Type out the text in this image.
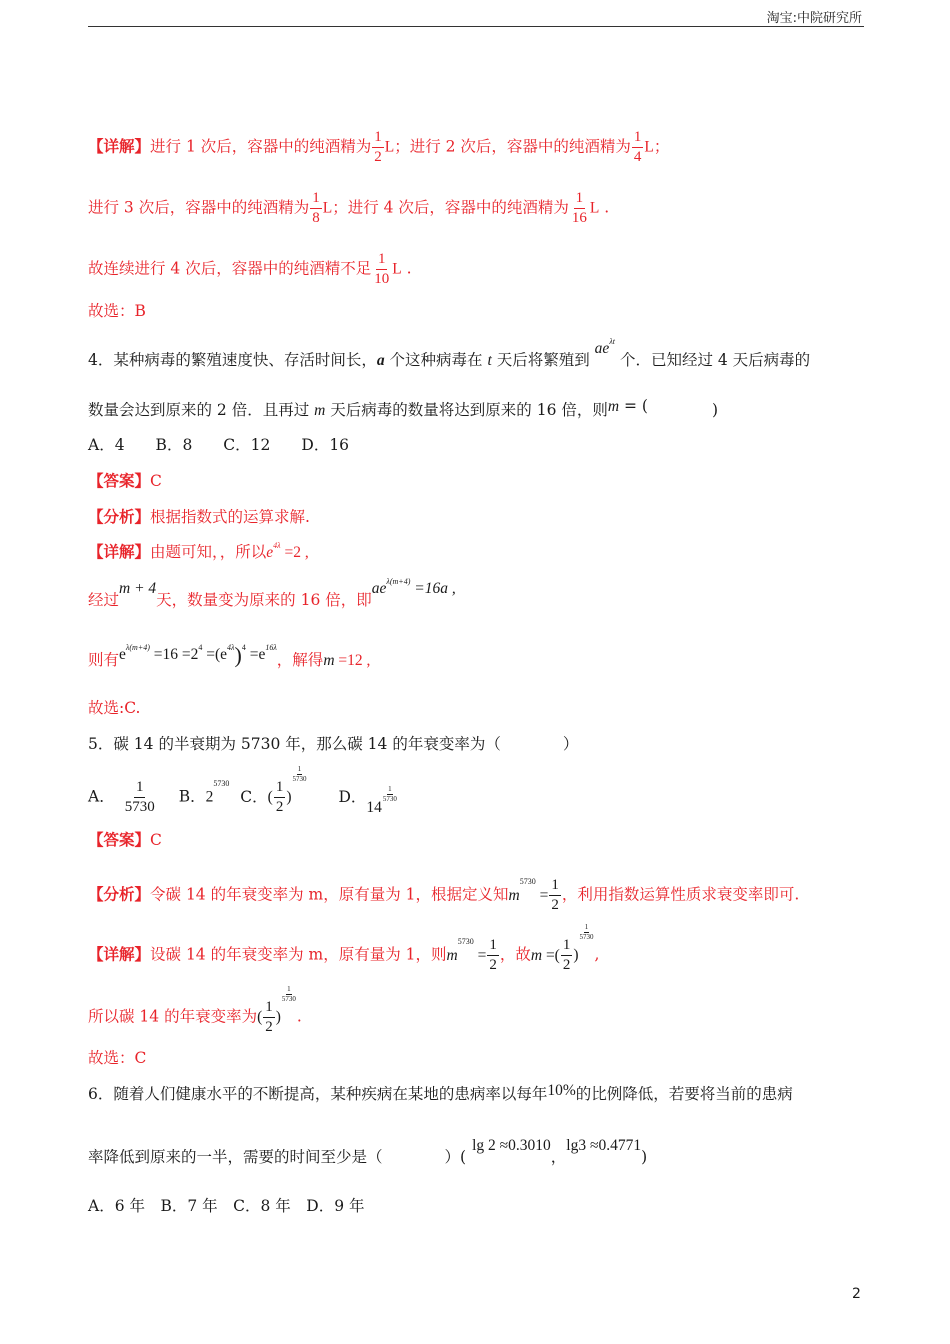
淘宝:中院研究所
【详解】进行 1 次后，容器中的纯酒精为 $\frac{1}{2}$ L；进行 2 次后，容器中的纯酒精为 $\frac{1}{4}$ L；
进行 3 次后，容器中的纯酒精为 $\frac{1}{8}$ L；进行 4 次后，容器中的纯酒精为 $\frac{1}{16}$ L .
故连续进行 4 次后，容器中的纯酒精不足 $\frac{1}{10}$ L .
故选：B
4．某种病毒的繁殖速度快、存活时间长，a 个这种病毒在 t 天后将繁殖到 $ae^{\lambda t}$ 个．已知经过 4 天后病毒的
数量会达到原来的 2 倍．且再过 m 天后病毒的数量将达到原来的 16 倍，则m = (	)
A．4　　B．8　　C．12　　D．16
【答案】C
【分析】根据指数式的运算求解.
【详解】由题可知，，所以$e^{4\lambda} =2$ ,
经过m + 4天，数量变为原来的 16 倍，即$ae^{\lambda(m+4)} =16a$ ,
则有$e^{\lambda(m+4)} =16 =2^4 =(e^{4\lambda})^4 =e^{16\lambda}$，解得m =12 ,
故选:C.
5．碳 14 的半衰期为 5730 年，那么碳 14 的年衰变率为（　　　　）
A． $\frac{1}{5730}$ B．$2^{5730}$ C．( $\frac{1}{2}$ )
$\frac{1}{5730}$
D．14
$\frac{1}{5730}$
【答案】C
【分析】令碳 14 的年衰变率为 m，原有量为 1，根据定义知$m^{5730} = \frac{1}{2}$ ，利用指数运算性质求衰变率即可.
【详解】设碳 14 的年衰变率为 m，原有量为 1，则$m^{5730} = \frac{1}{2}$ ，故m =( $\frac{1}{2}$ )
$\frac{1}{5730}$
,
所以碳 14 的年衰变率为( $\frac{1}{2}$ )
$\frac{1}{5730}$
.
故选：C
6．随着人们健康水平的不断提高，某种疾病在某地的患病率以每年10%的比例降低，若要将当前的患病
率降低到原来的一半，需要的时间至少是（　　　　）(lg 2 ≈0.3010，lg3 ≈0.4771)
A．6 年　B．7 年　C．8 年　D．9 年
2
